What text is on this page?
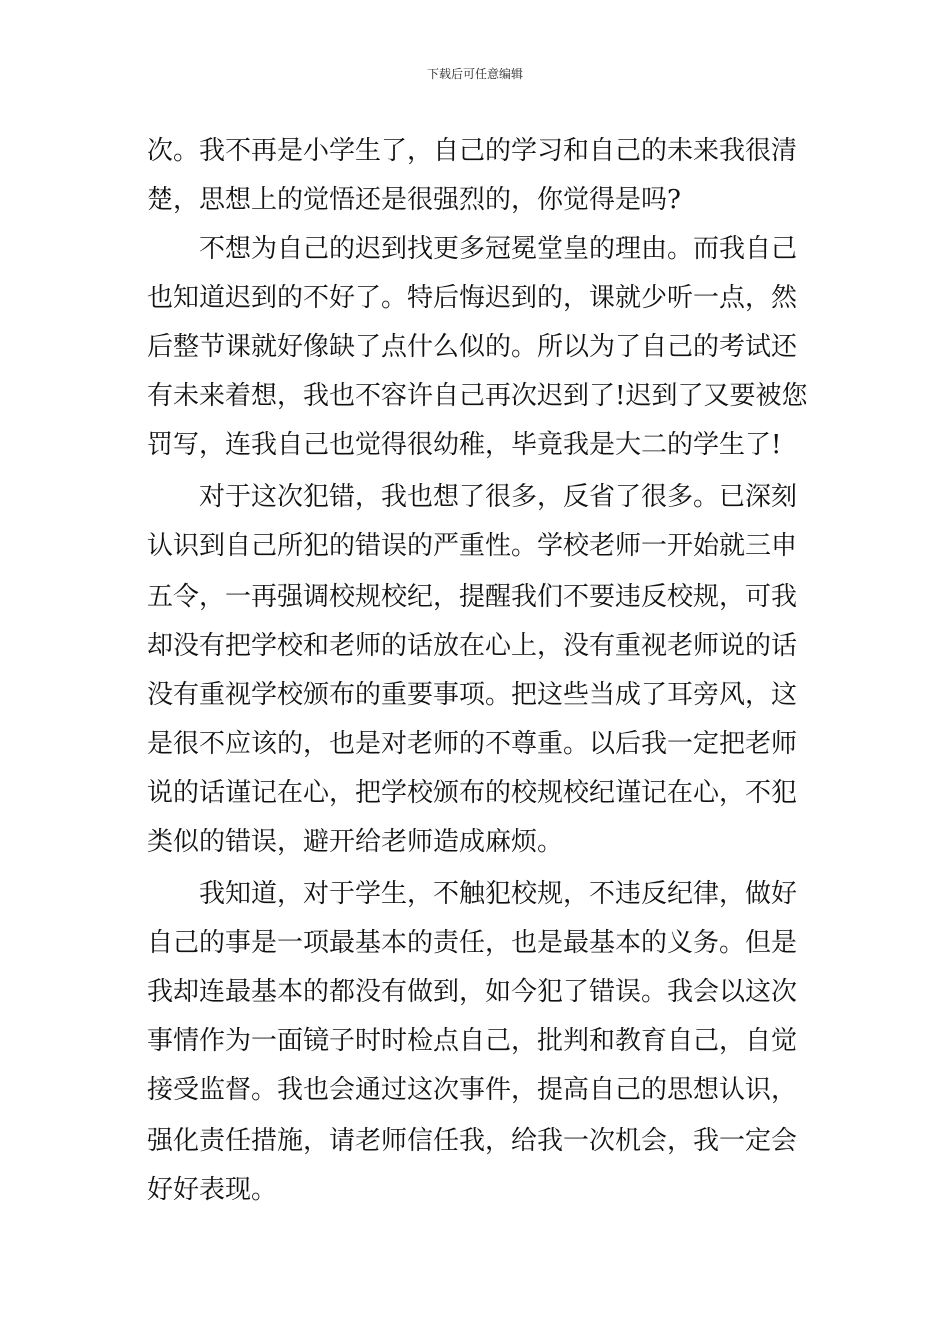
下载后可任意编辑
次。我不再是小学生了，自己的学习和自己的未来我很清
楚，思想上的觉悟还是很强烈的，你觉得是吗?
　　不想为自己的迟到找更多冠冕堂皇的理由。而我自己
也知道迟到的不好了。特后悔迟到的，课就少听一点，然
后整节课就好像缺了点什么似的。所以为了自己的考试还
有未来着想，我也不容许自己再次迟到了!迟到了又要被您
罚写，连我自己也觉得很幼稚，毕竟我是大二的学生了!
　　对于这次犯错，我也想了很多，反省了很多。已深刻
认识到自己所犯的错误的严重性。学校老师一开始就三申
五令，一再强调校规校纪，提醒我们不要违反校规，可我
却没有把学校和老师的话放在心上，没有重视老师说的话
没有重视学校颁布的重要事项。把这些当成了耳旁风，这
是很不应该的，也是对老师的不尊重。以后我一定把老师
说的话谨记在心，把学校颁布的校规校纪谨记在心，不犯
类似的错误，避开给老师造成麻烦。
　　我知道，对于学生，不触犯校规，不违反纪律，做好
自己的事是一项最基本的责任，也是最基本的义务。但是
我却连最基本的都没有做到，如今犯了错误。我会以这次
事情作为一面镜子时时检点自己，批判和教育自己，自觉
接受监督。我也会通过这次事件，提高自己的思想认识，
强化责任措施，请老师信任我，给我一次机会，我一定会
好好表现。
